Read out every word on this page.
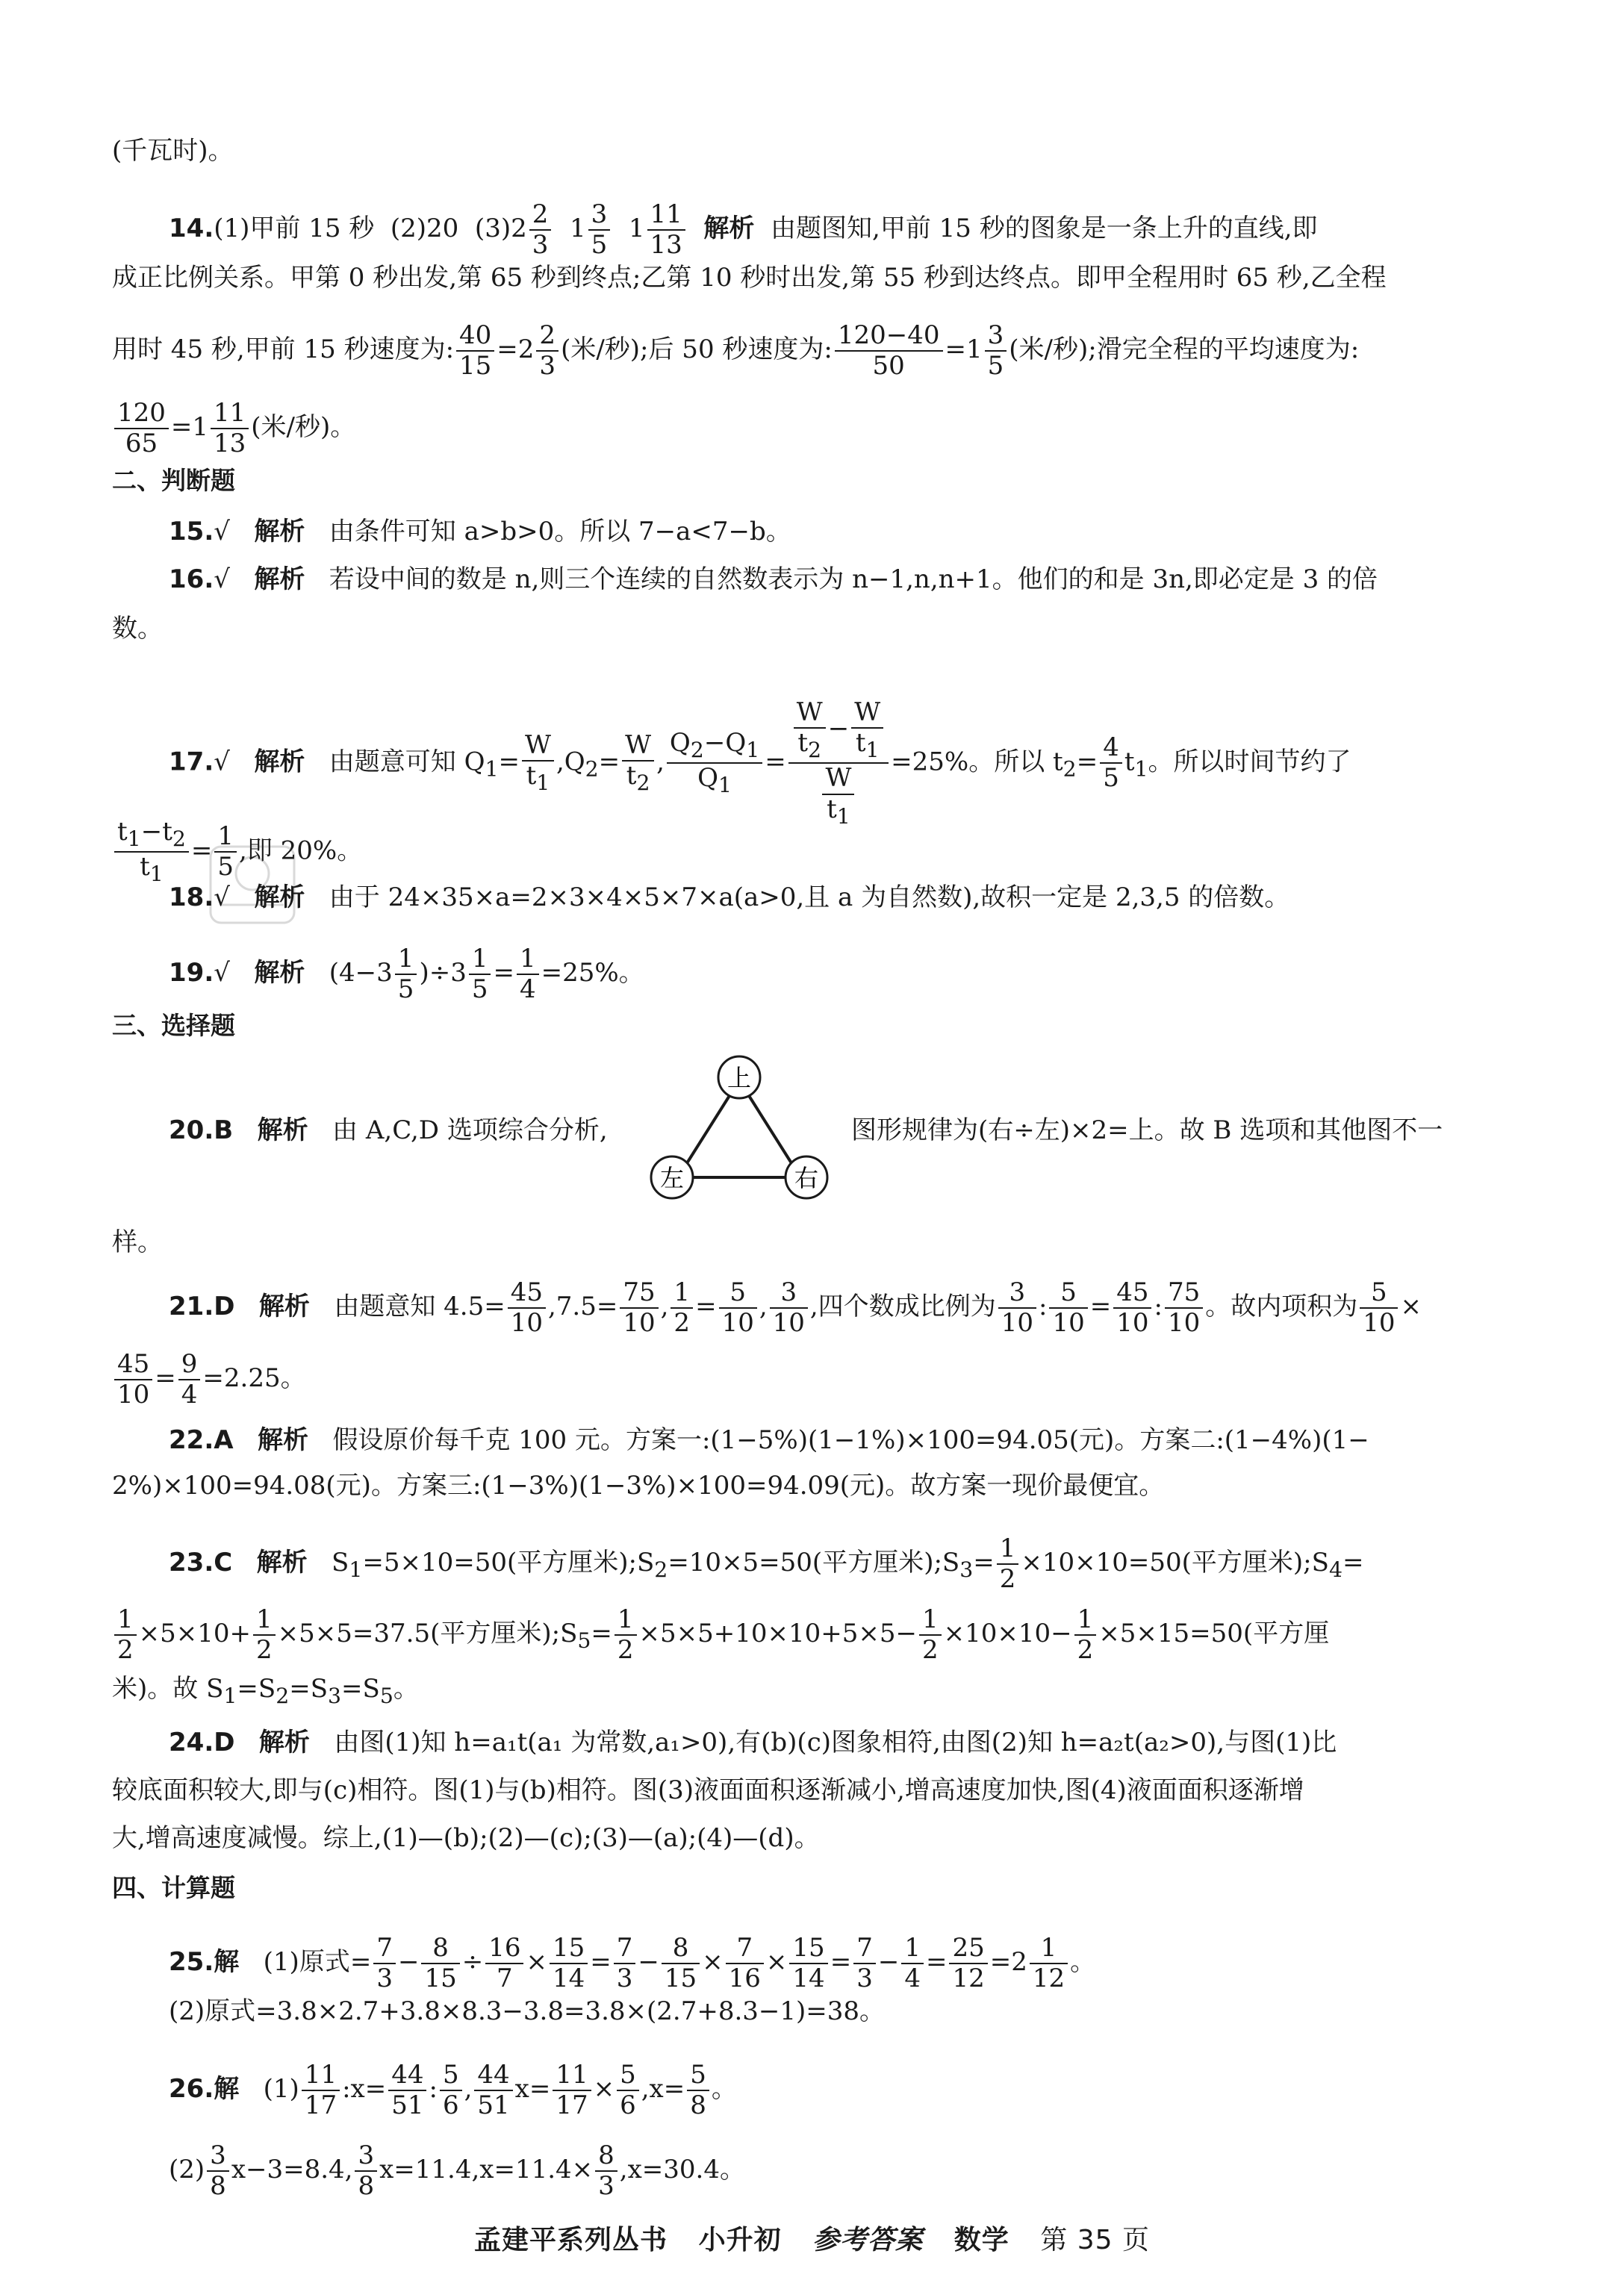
(千瓦时)。
14.(1)甲前 15 秒  (2)20  $(3)2 \frac{2}{3} 1 \frac{3}{5} 1 \frac{11}{13}$ 解析 由题图知,甲前 15 秒的图象是一条上升的直线,即
成正比例关系。甲第 0 秒出发,第 65 秒到终点;乙第 10 秒时出发,第 55 秒到达终点。即甲全程用时 65 秒,乙全程
用时 45 秒,甲前 15 秒速度为: $\frac{40}{15} =2 \frac{2}{3}$ (米/秒);后 50 秒速度为: $\frac{120-40}{50} =1 \frac{3}{5}$ (米/秒);滑完全程的平均速度为:
$\frac{120}{65} =1 \frac{11}{13}$ (米/秒)。
二、判断题
15.√ 解析 由条件可知 a>b>0。所以 7−a<7−b。
16.√ 解析 若设中间的数是 n,则三个连续的自然数表示为 n−1,n,n+1。他们的和是 3n,即必定是 3 的倍
数。
17.√ 解析   由题意可知 $Q_1= \frac{W}{t_1} ,Q_2= \frac{W}{t_2}$ , $\frac{Q_2-Q_1}{Q_1} = \frac{\frac{W}{t_2} - \frac{W}{t_1}}{\frac{W}{t_1}} =25\%$。所以 $t_2= \frac{4}{5} t_1$。所以时间节约了
$\frac{t_1-t_2}{t_1} = \frac{1}{5}$ ,即 20%。
18.√ 解析 由于 24×35×a=2×3×4×5×7×a(a>0,且 a 为自然数),故积一定是 2,3,5 的倍数。
19.√ 解析   $(4-3 \frac{1}{5} )\div 3 \frac{1}{5} = \frac{1}{4} =25\%$。
三、选择题
20.B 解析 由 A,C,D 选项综合分析,
上
左	右
图形规律为(右÷左)×2=上。故 B 选项和其他图不一
样。
21.D 解析   由题意知 $4.5= \frac{45}{10} ,7.5= \frac{75}{10}$ , $\frac{1}{2} = \frac{5}{10}$ , $\frac{3}{10}$ ,四个数成比例为 $\frac{3}{10}$ : $\frac{5}{10} = \frac{45}{10}$ : $\frac{75}{10}$ 。故内项积为 $\frac{5}{10}$ ×
$\frac{45}{10} = \frac{9}{4} =2.25$。
22.A 解析 假设原价每千克 100 元。方案一:(1−5%)(1−1%)×100=94.05(元)。方案二:(1−4%)(1−
2%)×100=94.08(元)。方案三:(1−3%)(1−3%)×100=94.09(元)。故方案一现价最便宜。
23.C 解析   $S_1=5\times 10=50$(平方厘米)$;S_2=10\times 5=50$(平方厘米)$;S_3= \frac{1}{2} \times 10\times 10=50$(平方厘米)$;S_4=$
$\frac{1}{2} \times 5\times 10+ \frac{1}{2} \times 5\times 5=37.5$(平方厘米)$;S_5= \frac{1}{2} \times 5\times 5+10\times 10+5\times 5- \frac{1}{2} \times 10\times 10- \frac{1}{2} \times 5\times 15=50$(平方厘
米)。故 $S_1=S_2=S_3=S_5$。
24.D 解析 由图(1)知 h=a₁t(a₁ 为常数,a₁>0),有(b)(c)图象相符,由图(2)知 h=a₂t(a₂>0),与图(1)比
较底面积较大,即与(c)相符。图(1)与(b)相符。图(3)液面面积逐渐减小,增高速度加快,图(4)液面面积逐渐增
大,增高速度减慢。综上,(1)—(b);(2)—(c);(3)—(a);(4)—(d)。
四、计算题
25.解   (1)原式= $\frac{7}{3} - \frac{8}{15} \div \frac{16}{7} \times \frac{15}{14} = \frac{7}{3} - \frac{8}{15} \times \frac{7}{16} \times \frac{15}{14} = \frac{7}{3} - \frac{1}{4} = \frac{25}{12} =2 \frac{1}{12}$ 。
(2)原式=3.8×2.7+3.8×8.3−3.8=3.8×(2.7+8.3−1)=38。
26.解   $(1) \frac{11}{17}$ :x= $\frac{44}{51}$ : $\frac{5}{6}$ , $\frac{44}{51} x= \frac{11}{17} \times \frac{5}{6} ,x= \frac{5}{8}$ 。
$(2) \frac{3}{8} x-3=8.4$, $\frac{3}{8} x=11.4,x=11.4\times \frac{8}{3} ,x=30.4$。
孟建平系列丛书 小升初 参考答案 数学 第 35 页
